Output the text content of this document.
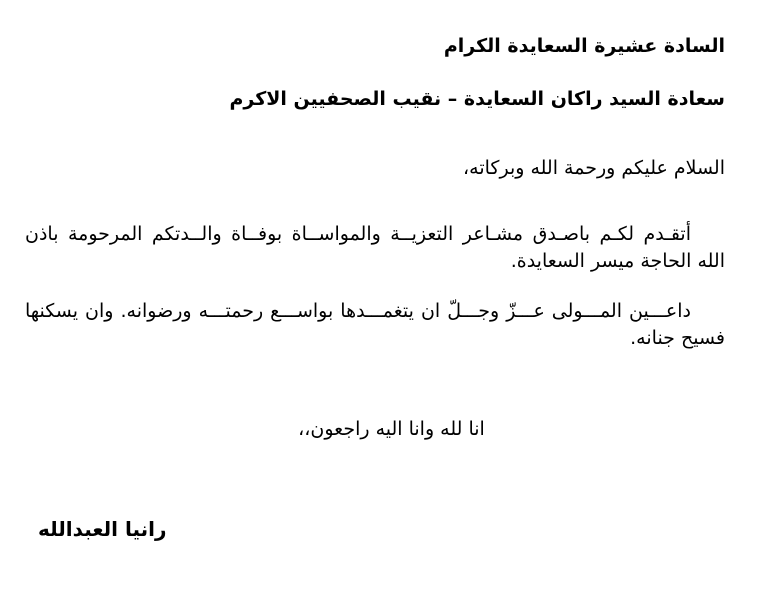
السادة عشيرة السعايدة الكرام
سعادة السيد راكان السعايدة – نقيب الصحفيين الاكرم
السلام عليكم ورحمة الله وبركاته،
أتقـدم لكـم باصـدق مشـاعر التعزيــة والمواســاة بوفــاة والــدتكم المرحومة باذن الله الحاجة ميسر السعايدة.
داعـــين المـــولى عـــزّ وجـــلّ ان يتغمـــدها بواســـع رحمتـــه ورضوانه. وان يسكنها فسيح جنانه.
انا لله وانا اليه راجعون،،
رانيا العبدالله
